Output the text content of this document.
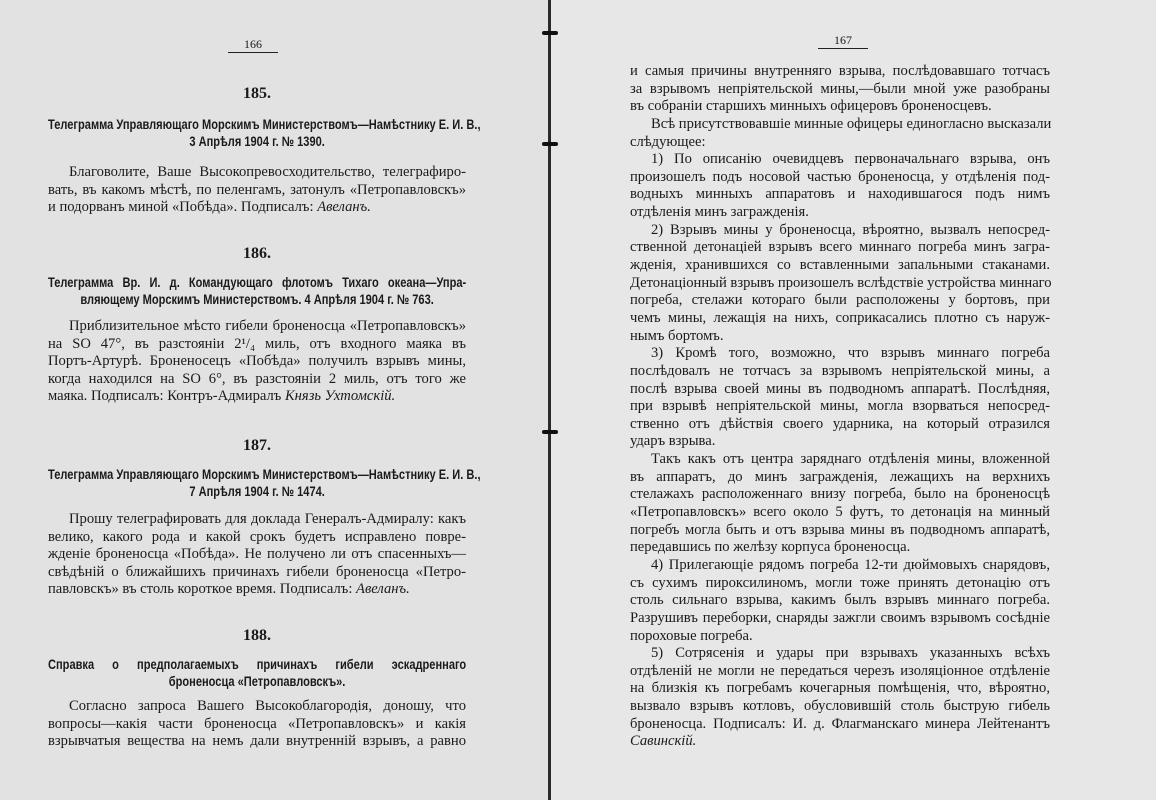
166
185.
Телеграмма Управляющаго Морскимъ Министерствомъ—Намѣстнику Е. И. В.,
3 Апрѣля 1904 г. № 1390.
Благоволите, Ваше Высокопревосходительство, телеграфиро-
вать, въ какомъ мѣстѣ, по пеленгамъ, затонулъ «Петропавловскъ»
и подорванъ миной «Побѣда». Подписалъ: Авеланъ.
186.
Телеграмма Вр. И. д. Командующаго флотомъ Тихаго океана—Упра-
вляющему Морскимъ Министерствомъ. 4 Апрѣля 1904 г. № 763.
Приблизительное мѣсто гибели броненосца «Петропавловскъ»
на SO 47°, въ разстояніи 2¹/₄ миль, отъ входного маяка въ
Портъ-Артурѣ. Броненосецъ «Побѣда» получилъ взрывъ мины,
когда находился на SO 6°, въ разстояніи 2 миль, отъ того же
маяка. Подписалъ: Контръ-Адмиралъ Князь Ухтомскій.
187.
Телеграмма Управляющаго Морскимъ Министерствомъ—Намѣстнику Е. И. В.,
7 Апрѣля 1904 г. № 1474.
Прошу телеграфировать для доклада Генералъ-Адмиралу: какъ
велико, какого рода и какой срокъ будетъ исправлено повре-
жденіе броненосца «Побѣда». Не получено ли отъ спасенныхъ—
свѣдѣній о ближайшихъ причинахъ гибели броненосца «Петро-
павловскъ» въ столь короткое время. Подписалъ: Авеланъ.
188.
Справка о предполагаемыхъ причинахъ гибели эскадреннаго
броненосца «Петропавловскъ».
Согласно запроса Вашего Высокоблагородія, доношу, что
вопросы—какія части броненосца «Петропавловскъ» и какія
взрывчатыя вещества на немъ дали внутренній взрывъ, а равно
167
и самыя причины внутренняго взрыва, послѣдовавшаго тотчасъ
за взрывомъ непріятельской мины,—были мной уже разобраны
въ собраніи старшихъ минныхъ офицеровъ броненосцевъ.
Всѣ присутствовавшіе минные офицеры единогласно высказали
слѣдующее:
1) По описанію очевидцевъ первоначальнаго взрыва, онъ
произошелъ подъ носовой частью броненосца, у отдѣленія под-
водныхъ минныхъ аппаратовъ и находившагося подъ нимъ
отдѣленія минъ загражденія.
2) Взрывъ мины у броненосца, вѣроятно, вызвалъ непосред-
ственной детонаціей взрывъ всего миннаго погреба минъ загра-
жденія, хранившихся со вставленными запальными стаканами.
Детонаціонный взрывъ произошелъ вслѣдствіе устройства миннаго
погреба, стелажи котораго были расположены у бортовъ, при
чемъ мины, лежащія на нихъ, соприкасались плотно съ наруж-
нымъ бортомъ.
3) Кромѣ того, возможно, что взрывъ миннаго погреба
послѣдовалъ не тотчасъ за взрывомъ непріятельской мины, а
послѣ взрыва своей мины въ подводномъ аппаратѣ. Послѣдняя,
при взрывѣ непріятельской мины, могла взорваться непосред-
ственно отъ дѣйствія своего ударника, на который отразился
ударъ взрыва.
Такъ какъ отъ центра заряднаго отдѣленія мины, вложенной
въ аппаратъ, до минъ загражденія, лежащихъ на верхнихъ
стелажахъ расположеннаго внизу погреба, было на броненосцѣ
«Петропавловскъ» всего около 5 футъ, то детонація на минный
погребъ могла быть и отъ взрыва мины въ подводномъ аппаратѣ,
передавшись по желѣзу корпуса броненосца.
4) Прилегающіе рядомъ погреба 12-ти дюймовыхъ снарядовъ,
съ сухимъ пироксилиномъ, могли тоже принять детонацію отъ
столь сильнаго взрыва, какимъ былъ взрывъ миннаго погреба.
Разрушивъ переборки, снаряды зажгли своимъ взрывомъ сосѣдніе
пороховые погреба.
5) Сотрясенія и удары при взрывахъ указанныхъ всѣхъ
отдѣленій не могли не передаться черезъ изоляціонное отдѣленіе
на близкія къ погребамъ кочегарныя помѣщенія, что, вѣроятно,
вызвало взрывъ котловъ, обусловившій столь быструю гибель
броненосца. Подписалъ: И. д. Флагманскаго минера Лейтенантъ
Савинскій.
